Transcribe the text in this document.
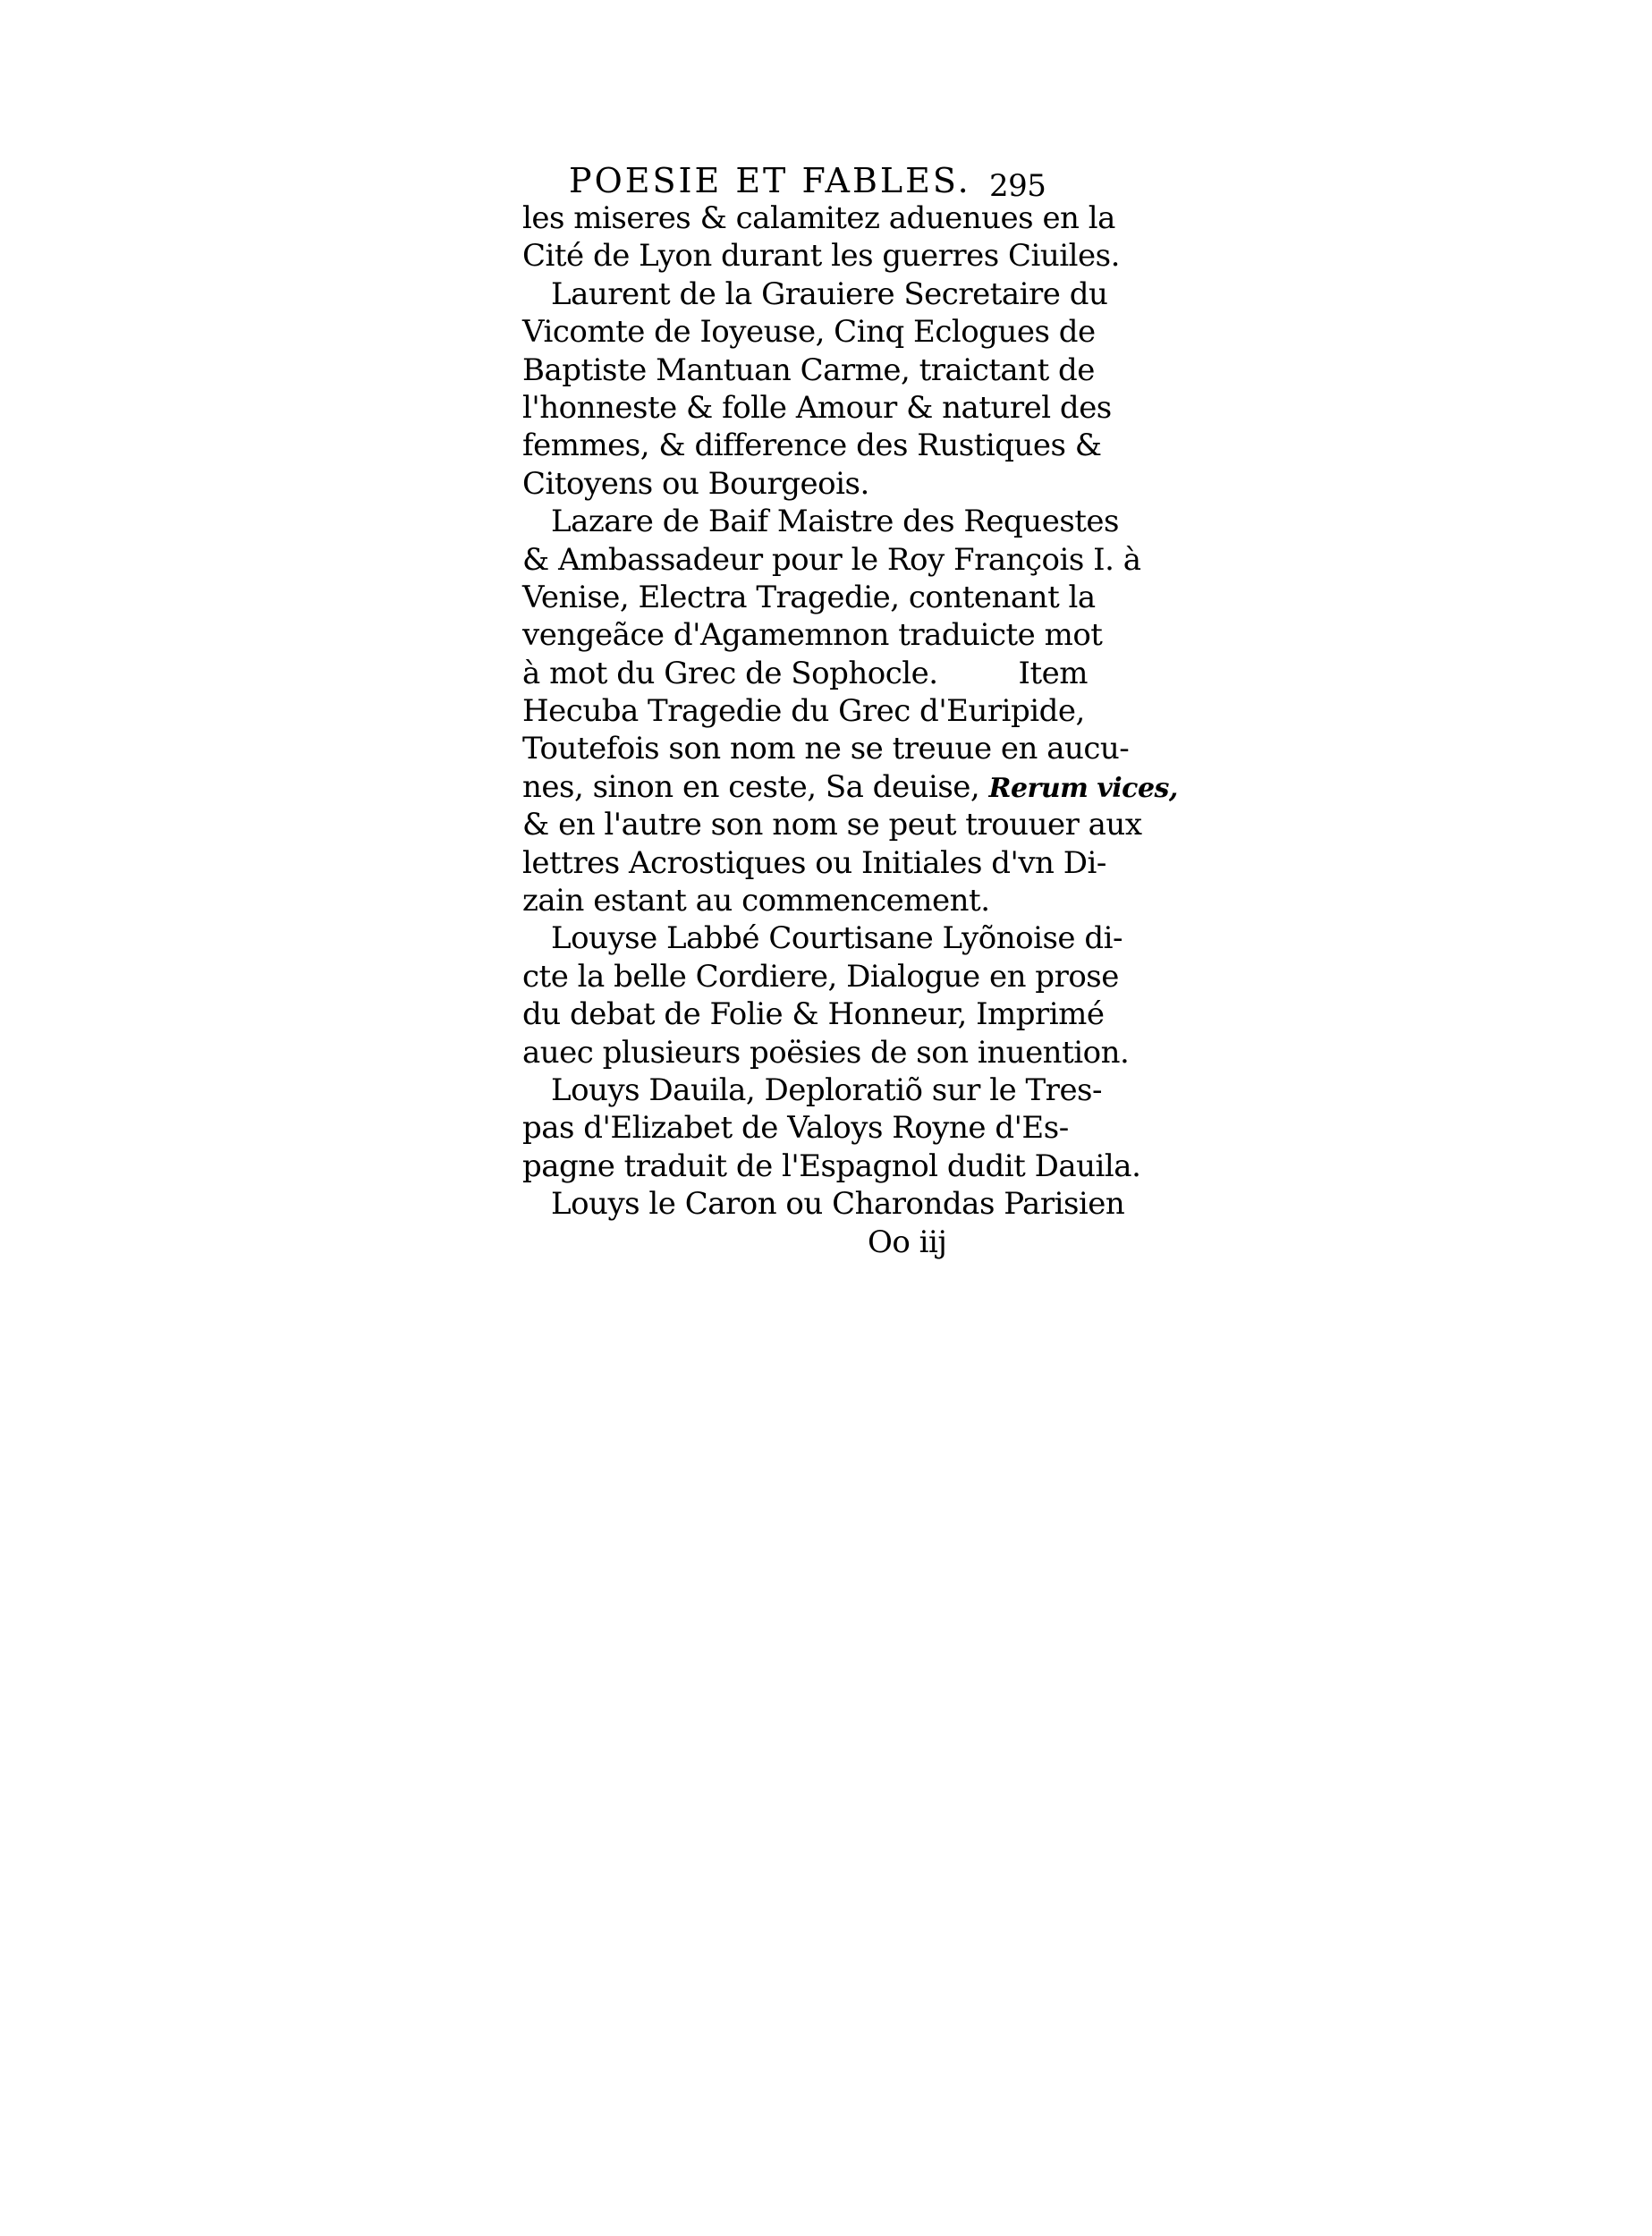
POESIE ET FABLES. 295
les miseres & calamitez aduenues en la
Cité de Lyon durant les guerres Ciuiles.
Laurent de la Grauiere Secretaire du
Vicomte de Ioyeuse, Cinq Eclogues de
Baptiste Mantuan Carme, traictant de
l'honneste & folle Amour & naturel des
femmes, & difference des Rustiques &
Citoyens ou Bourgeois.
Lazare de Baif Maistre des Requestes
& Ambassadeur pour le Roy François I. à
Venise, Electra Tragedie, contenant la
vengeãce d'Agamemnon traduicte mot
à mot du Grec de Sophocle.	Item
Hecuba Tragedie du Grec d'Euripide,
Toutefois son nom ne se treuue en aucu-
nes, sinon en ceste, Sa deuise, Rerum vices,
& en l'autre son nom se peut trouuer aux
lettres Acrostiques ou Initiales d'vn Di-
zain estant au commencement.
Louyse Labbé Courtisane Lyõnoise di-
cte la belle Cordiere, Dialogue en prose
du debat de Folie & Honneur, Imprimé
auec plusieurs poësies de son inuention.
Louys Dauila, Deploratiõ sur le Tres-
pas d'Elizabet de Valoys Royne d'Es-
pagne traduit de l'Espagnol dudit Dauila.
Louys le Caron ou Charondas Parisien
Oo iij
